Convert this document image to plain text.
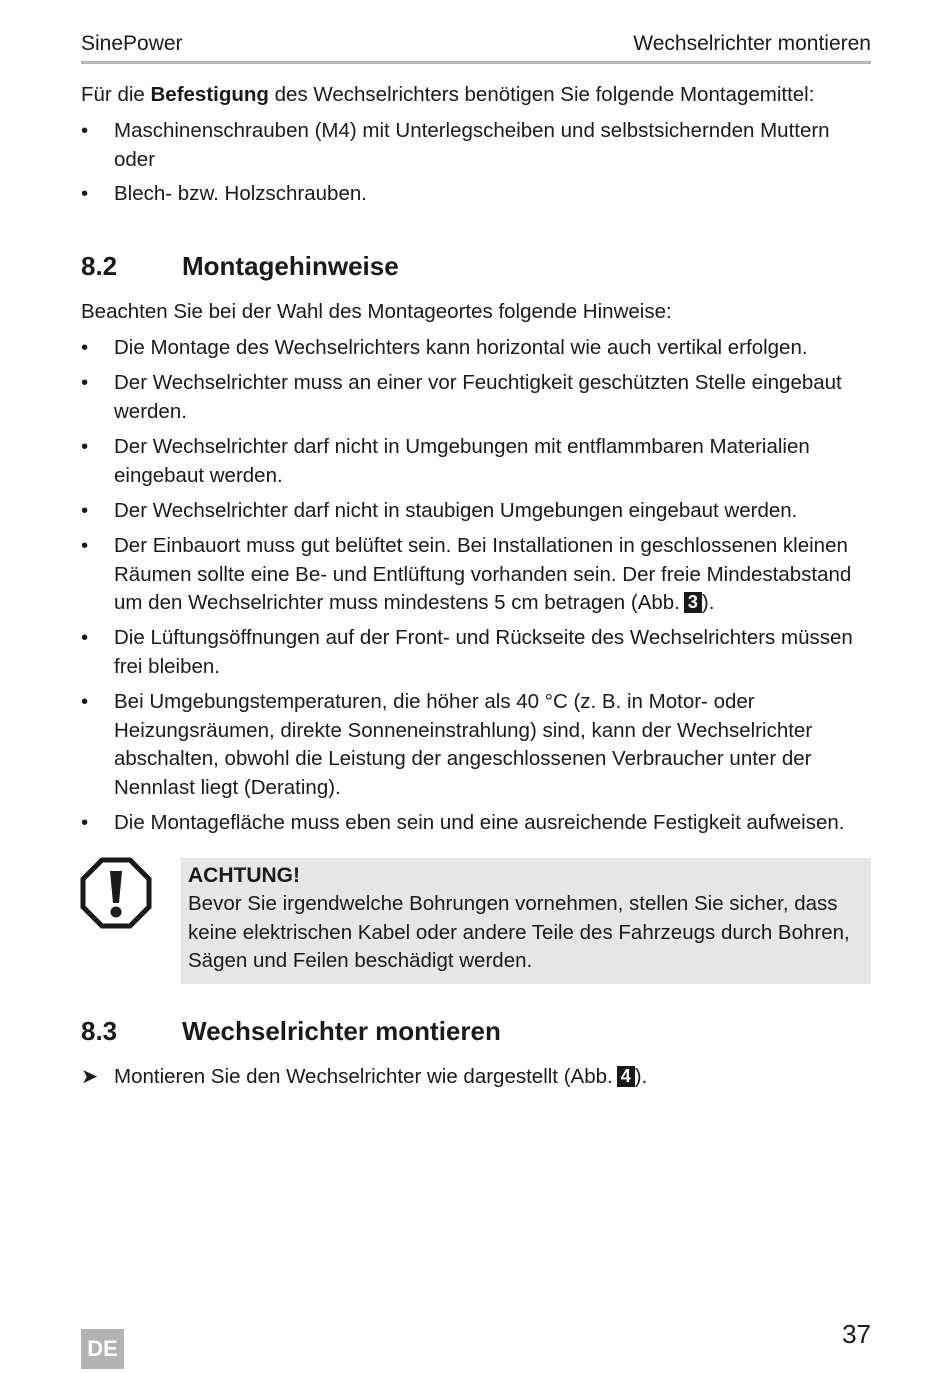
SinePower	Wechselrichter montieren
Für die Befestigung des Wechselrichters benötigen Sie folgende Montagemittel:
•	Maschinenschrauben (M4) mit Unterlegscheiben und selbstsichernden Muttern oder
•	Blech- bzw. Holzschrauben.
8.2 Montagehinweise
Beachten Sie bei der Wahl des Montageortes folgende Hinweise:
•	Die Montage des Wechselrichters kann horizontal wie auch vertikal erfolgen.
•	Der Wechselrichter muss an einer vor Feuchtigkeit geschützten Stelle eingebaut werden.
•	Der Wechselrichter darf nicht in Umgebungen mit entflammbaren Materialien eingebaut werden.
•	Der Wechselrichter darf nicht in staubigen Umgebungen eingebaut werden.
•	Der Einbauort muss gut belüftet sein. Bei Installationen in geschlossenen kleinen Räumen sollte eine Be- und Entlüftung vorhanden sein. Der freie Mindestabstand um den Wechselrichter muss mindestens 5 cm betragen (Abb. 3 ).
•	Die Lüftungsöffnungen auf der Front- und Rückseite des Wechselrichters müssen frei bleiben.
•	Bei Umgebungstemperaturen, die höher als 40 °C (z. B. in Motor- oder Heizungsräumen, direkte Sonneneinstrahlung) sind, kann der Wechselrichter abschalten, obwohl die Leistung der angeschlossenen Verbraucher unter der Nennlast liegt (Derating).
•	Die Montagefläche muss eben sein und eine ausreichende Festigkeit aufweisen.
ACHTUNG!
Bevor Sie irgendwelche Bohrungen vornehmen, stellen Sie sicher, dass keine elektrischen Kabel oder andere Teile des Fahrzeugs durch Bohren, Sägen und Feilen beschädigt werden.
8.3 Wechselrichter montieren
➤ Montieren Sie den Wechselrichter wie dargestellt (Abb. 4 ).
DE	37
